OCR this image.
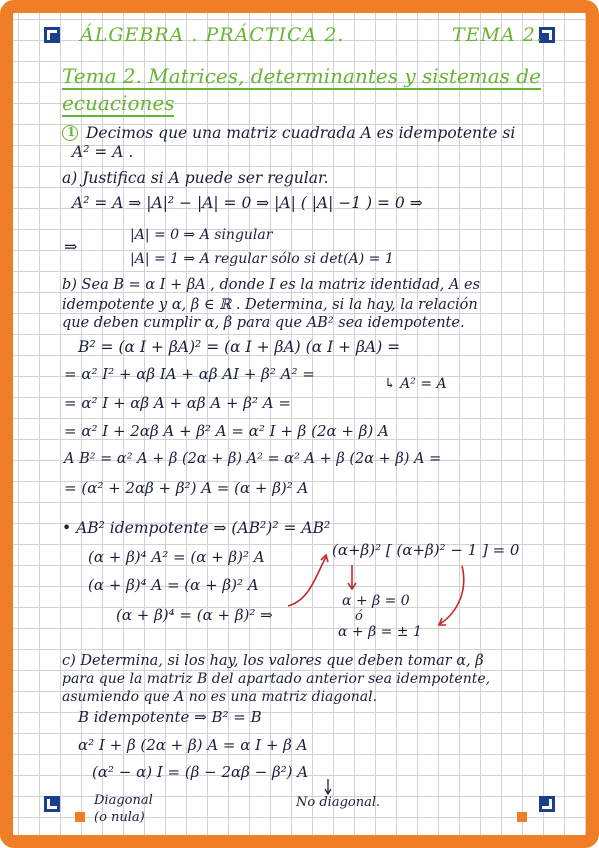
ÁLGEBRA . PRÁCTICA 2.	TEMA 2.
Tema 2. Matrices, determinantes y sistemas de
ecuaciones
1 Decimos que una matriz cuadrada A es idempotente si
A² = A .
a) Justifica si A puede ser regular.
A² = A ⇒ |A|² − |A| = 0 ⇒ |A| ( |A| −1 ) = 0 ⇒
⇒
|A| = 0 ⇒ A singular
|A| = 1 ⇒ A regular sólo si det(A) = 1
b) Sea B = α I + βA , donde I es la matriz identidad, A es
idempotente y α, β ∈ ℝ . Determina, si la hay, la relación
que deben cumplir α, β para que AB² sea idempotente.
B² = (α I + βA)² = (α I + βA) (α I + βA) =
= α² I² + αβ IA + αβ AI + β² A² =
↳ A² = A
= α² I + αβ A + αβ A + β² A =
= α² I + 2αβ A + β² A = α² I + β (2α + β) A
A B² = α² A + β (2α + β) A² = α² A + β (2α + β) A =
= (α² + 2αβ + β²) A = (α + β)² A
• AB² idempotente ⇒ (AB²)² = AB²
(α + β)⁴ A² = (α + β)² A
(α + β)⁴ A = (α + β)² A
(α + β)⁴ = (α + β)² ⇒
(α+β)² [ (α+β)² − 1 ] = 0
α + β = 0
ó
α + β = ± 1
c) Determina, si los hay, los valores que deben tomar α, β
para que la matriz B del apartado anterior sea idempotente,
asumiendo que A no es una matriz diagonal.
B idempotente ⇒ B² = B
α² I + β (2α + β) A = α I + β A
(α² − α) I = (β − 2αβ − β²) A
Diagonal
(o nula)
No diagonal.
